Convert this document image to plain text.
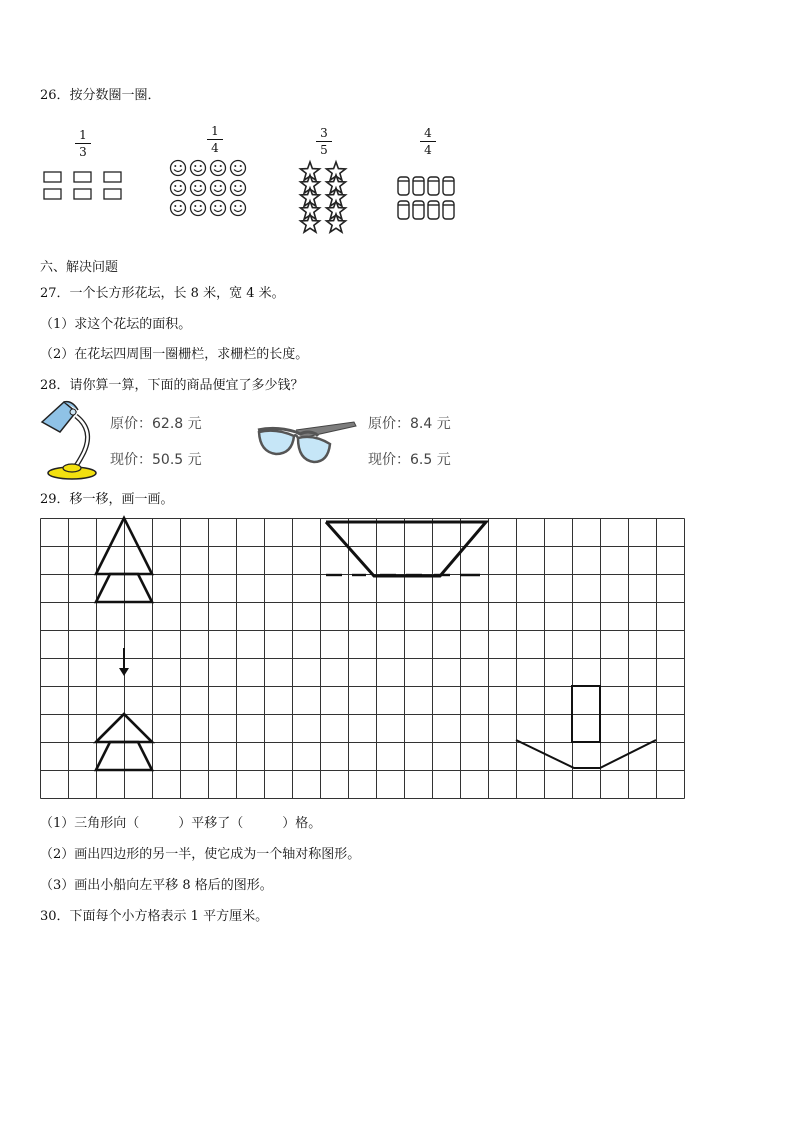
26．按分数圈一圈．
1
3
1
4
3
5
4
4
六、解决问题
27．一个长方形花坛，长 8 米，宽 4 米。
（1）求这个花坛的面积。
（2）在花坛四周围一圈栅栏，求栅栏的长度。
28．请你算一算，下面的商品便宜了多少钱？
原价：62.8 元
现价：50.5 元
原价：8.4 元
现价：6.5 元
29．移一移，画一画。
（1）三角形向（　　　）平移了（　　　）格。
（2）画出四边形的另一半，使它成为一个轴对称图形。
（3）画出小船向左平移 8 格后的图形。
30．下面每个小方格表示 1 平方厘米。
